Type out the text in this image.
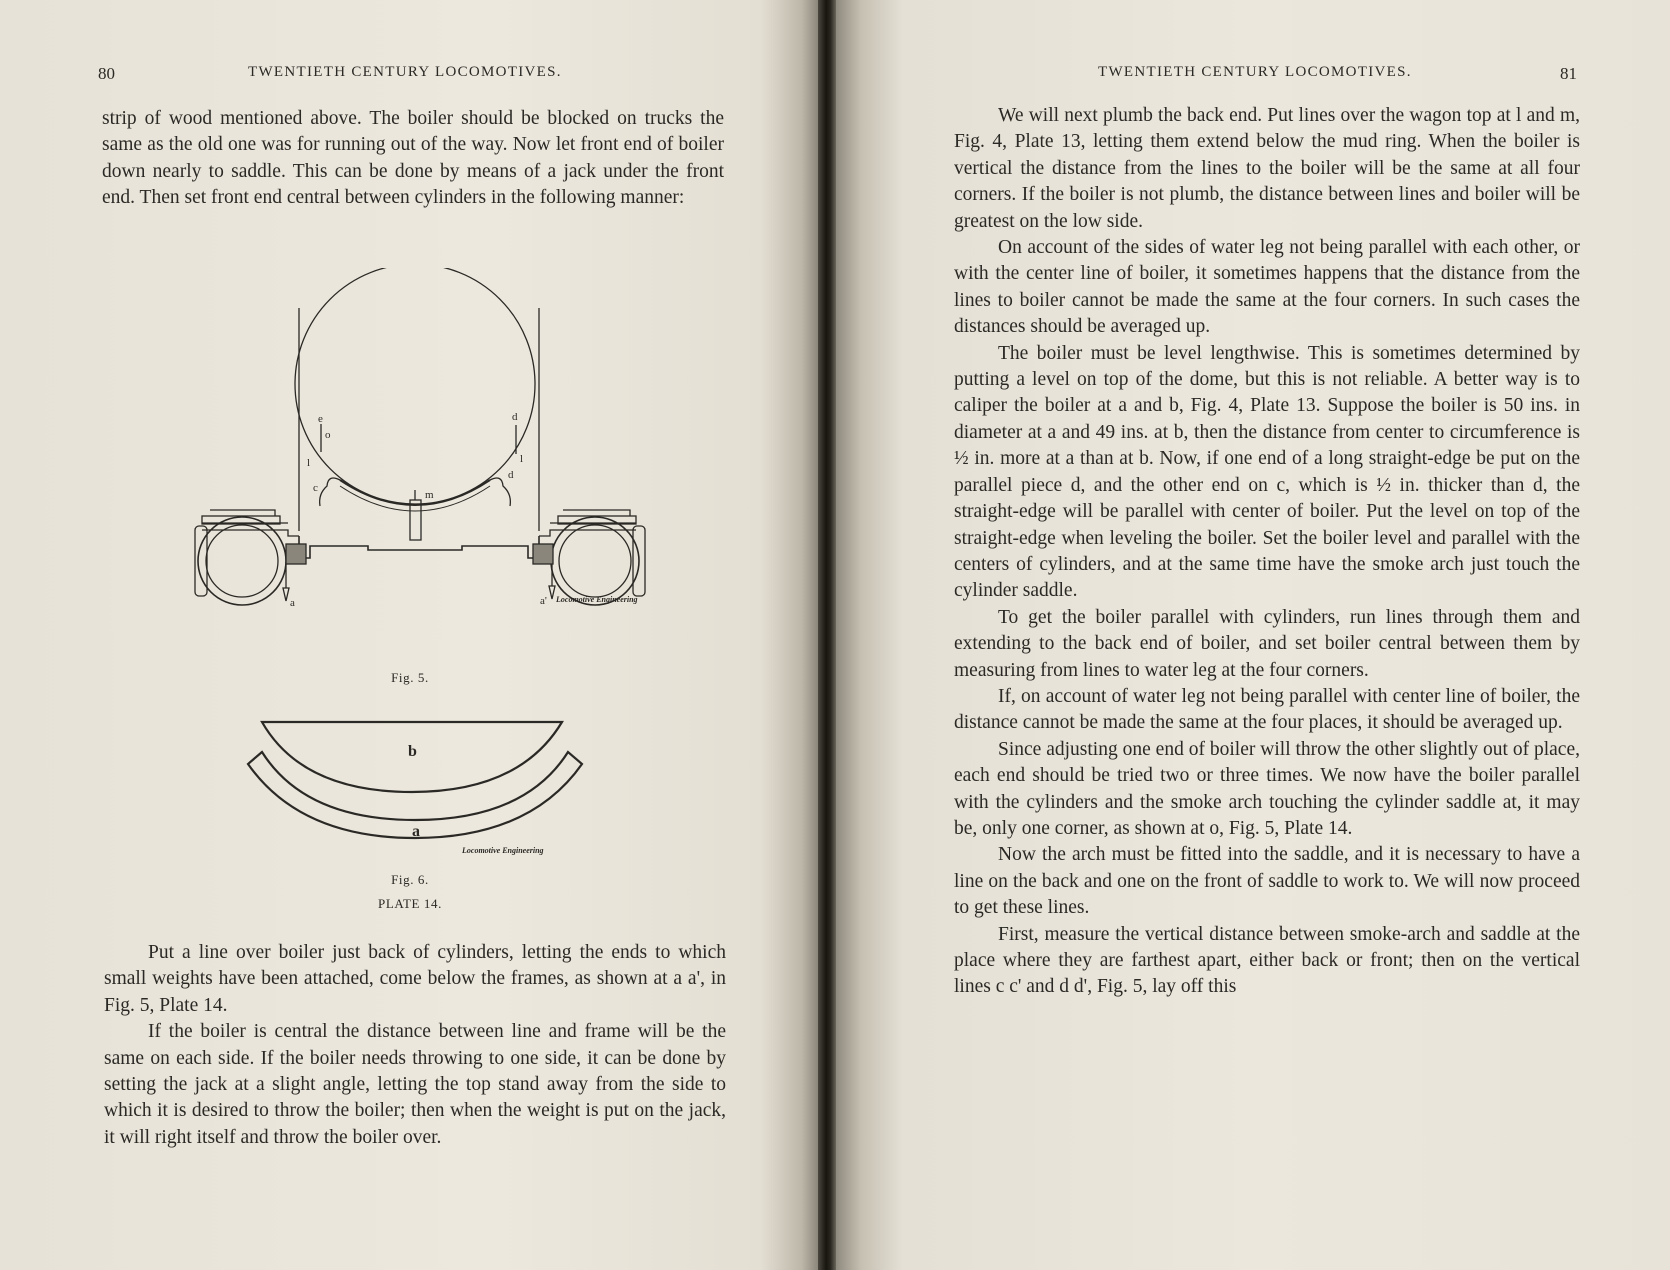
80	TWENTIETH CENTURY LOCOMOTIVES.

strip of wood mentioned above. The boiler should be blocked on trucks the same as the old one was for running out of the way. Now let front end of boiler down nearly to saddle. This can be done by means of a jack under the front end. Then set front end central between cylinders in the following manner:

e
o
c
l
d
d
l
m
a	a' Locomotive Engineering
Fig. 5.
b
a
Locomotive Engineering
Fig. 6.
PLATE 14.

Put a line over boiler just back of cylinders, letting the ends to which small weights have been attached, come below the frames, as shown at a a', in Fig. 5, Plate 14.

If the boiler is central the distance between line and frame will be the same on each side. If the boiler needs throwing to one side, it can be done by setting the jack at a slight angle, letting the top stand away from the side to which it is desired to throw the boiler; then when the weight is put on the jack, it will right itself and throw the boiler over.

TWENTIETH CENTURY LOCOMOTIVES.	81

We will next plumb the back end. Put lines over the wagon top at l and m, Fig. 4, Plate 13, letting them extend below the mud ring. When the boiler is vertical the distance from the lines to the boiler will be the same at all four corners. If the boiler is not plumb, the distance between lines and boiler will be greatest on the low side.

On account of the sides of water leg not being parallel with each other, or with the center line of boiler, it sometimes happens that the distance from the lines to boiler cannot be made the same at the four corners. In such cases the distances should be averaged up.

The boiler must be level lengthwise. This is sometimes determined by putting a level on top of the dome, but this is not reliable. A better way is to caliper the boiler at a and b, Fig. 4, Plate 13. Suppose the boiler is 50 ins. in diameter at a and 49 ins. at b, then the distance from center to circumference is ½ in. more at a than at b. Now, if one end of a long straight-edge be put on the parallel piece d, and the other end on c, which is ½ in. thicker than d, the straight-edge will be parallel with center of boiler. Put the level on top of the straight-edge when leveling the boiler. Set the boiler level and parallel with the centers of cylinders, and at the same time have the smoke arch just touch the cylinder saddle.

To get the boiler parallel with cylinders, run lines through them and extending to the back end of boiler, and set boiler central between them by measuring from lines to water leg at the four corners.

If, on account of water leg not being parallel with center line of boiler, the distance cannot be made the same at the four places, it should be averaged up.

Since adjusting one end of boiler will throw the other slightly out of place, each end should be tried two or three times. We now have the boiler parallel with the cylinders and the smoke arch touching the cylinder saddle at, it may be, only one corner, as shown at o, Fig. 5, Plate 14.

Now the arch must be fitted into the saddle, and it is necessary to have a line on the back and one on the front of saddle to work to. We will now proceed to get these lines.

First, measure the vertical distance between smoke-arch and saddle at the place where they are farthest apart, either back or front; then on the vertical lines c c' and d d', Fig. 5, lay off this
